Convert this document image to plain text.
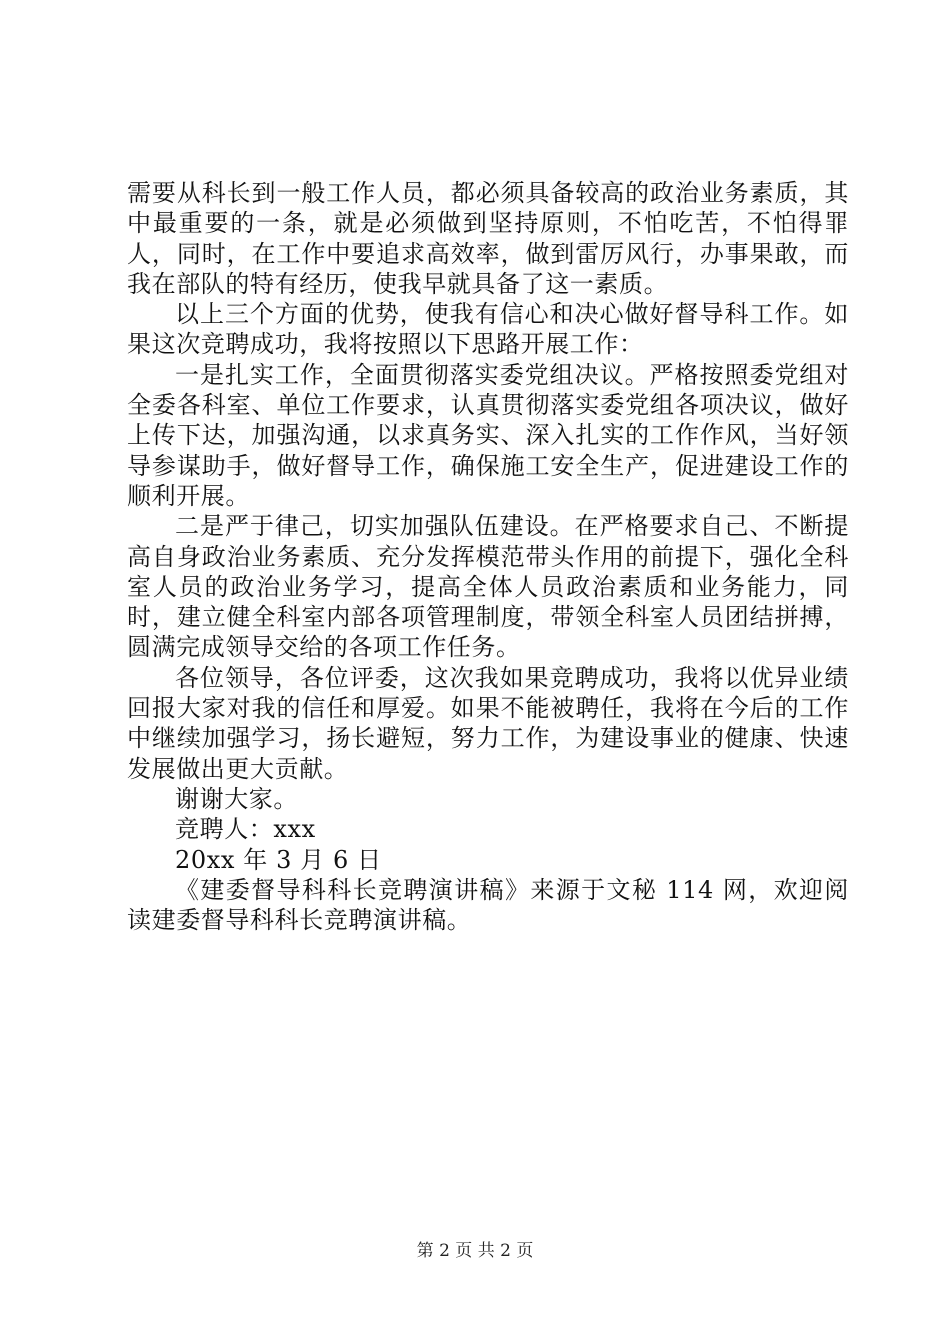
需要从科长到一般工作人员，都必须具备较高的政治业务素质，其中最重要的一条，就是必须做到坚持原则，不怕吃苦，不怕得罪人，同时，在工作中要追求高效率，做到雷厉风行，办事果敢，而我在部队的特有经历，使我早就具备了这一素质。

以上三个方面的优势，使我有信心和决心做好督导科工作。如果这次竞聘成功，我将按照以下思路开展工作：

一是扎实工作，全面贯彻落实委党组决议。严格按照委党组对全委各科室、单位工作要求，认真贯彻落实委党组各项决议，做好上传下达，加强沟通，以求真务实、深入扎实的工作作风，当好领导参谋助手，做好督导工作，确保施工安全生产，促进建设工作的顺利开展。

二是严于律己，切实加强队伍建设。在严格要求自己、不断提高自身政治业务素质、充分发挥模范带头作用的前提下，强化全科室人员的政治业务学习，提高全体人员政治素质和业务能力，同时，建立健全科室内部各项管理制度，带领全科室人员团结拼搏，圆满完成领导交给的各项工作任务。

各位领导，各位评委，这次我如果竞聘成功，我将以优异业绩回报大家对我的信任和厚爱。如果不能被聘任，我将在今后的工作中继续加强学习，扬长避短，努力工作，为建设事业的健康、快速发展做出更大贡献。

谢谢大家。

竞聘人：xxx

20xx 年 3 月 6 日

《建委督导科科长竞聘演讲稿》来源于文秘 114 网，欢迎阅读建委督导科科长竞聘演讲稿。

第 2 页 共 2 页
